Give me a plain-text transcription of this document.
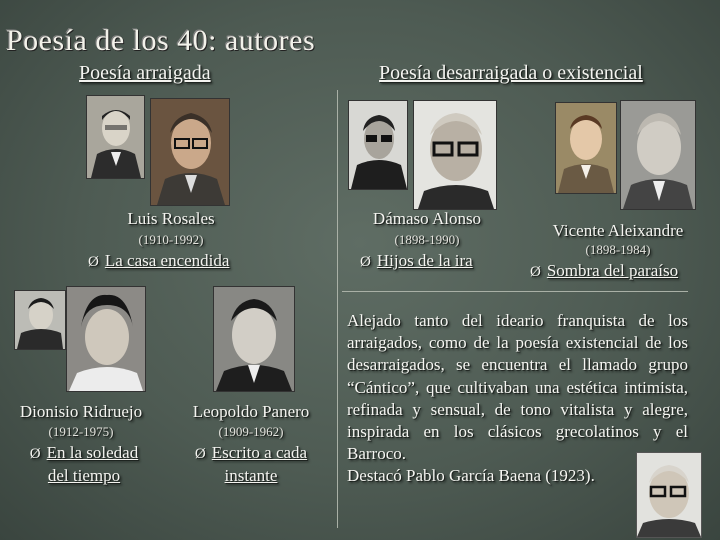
Poesía de los 40: autores
Poesía arraigada	Poesía desarraigada o existencial
Luis Rosales
(1910-1992)
Ø La casa encendida
Dámaso Alonso
(1898-1990)
Ø Hijos de la ira
Vicente Aleixandre
(1898-1984)
Ø Sombra del paraíso
Dionisio Ridruejo
(1912-1975)
Ø En la soledad
del tiempo
Leopoldo Panero
(1909-1962)
Ø Escrito a cada
instante
Alejado tanto del ideario franquista de los arraigados, como de la poesía existencial de los desarraigados, se encuentra el llamado grupo “Cántico”, que cultivaban una estética intimista, refinada y sensual, de tono vitalista y alegre, inspirada en los clásicos grecolatinos y el Barroco.
Destacó Pablo García Baena (1923).
